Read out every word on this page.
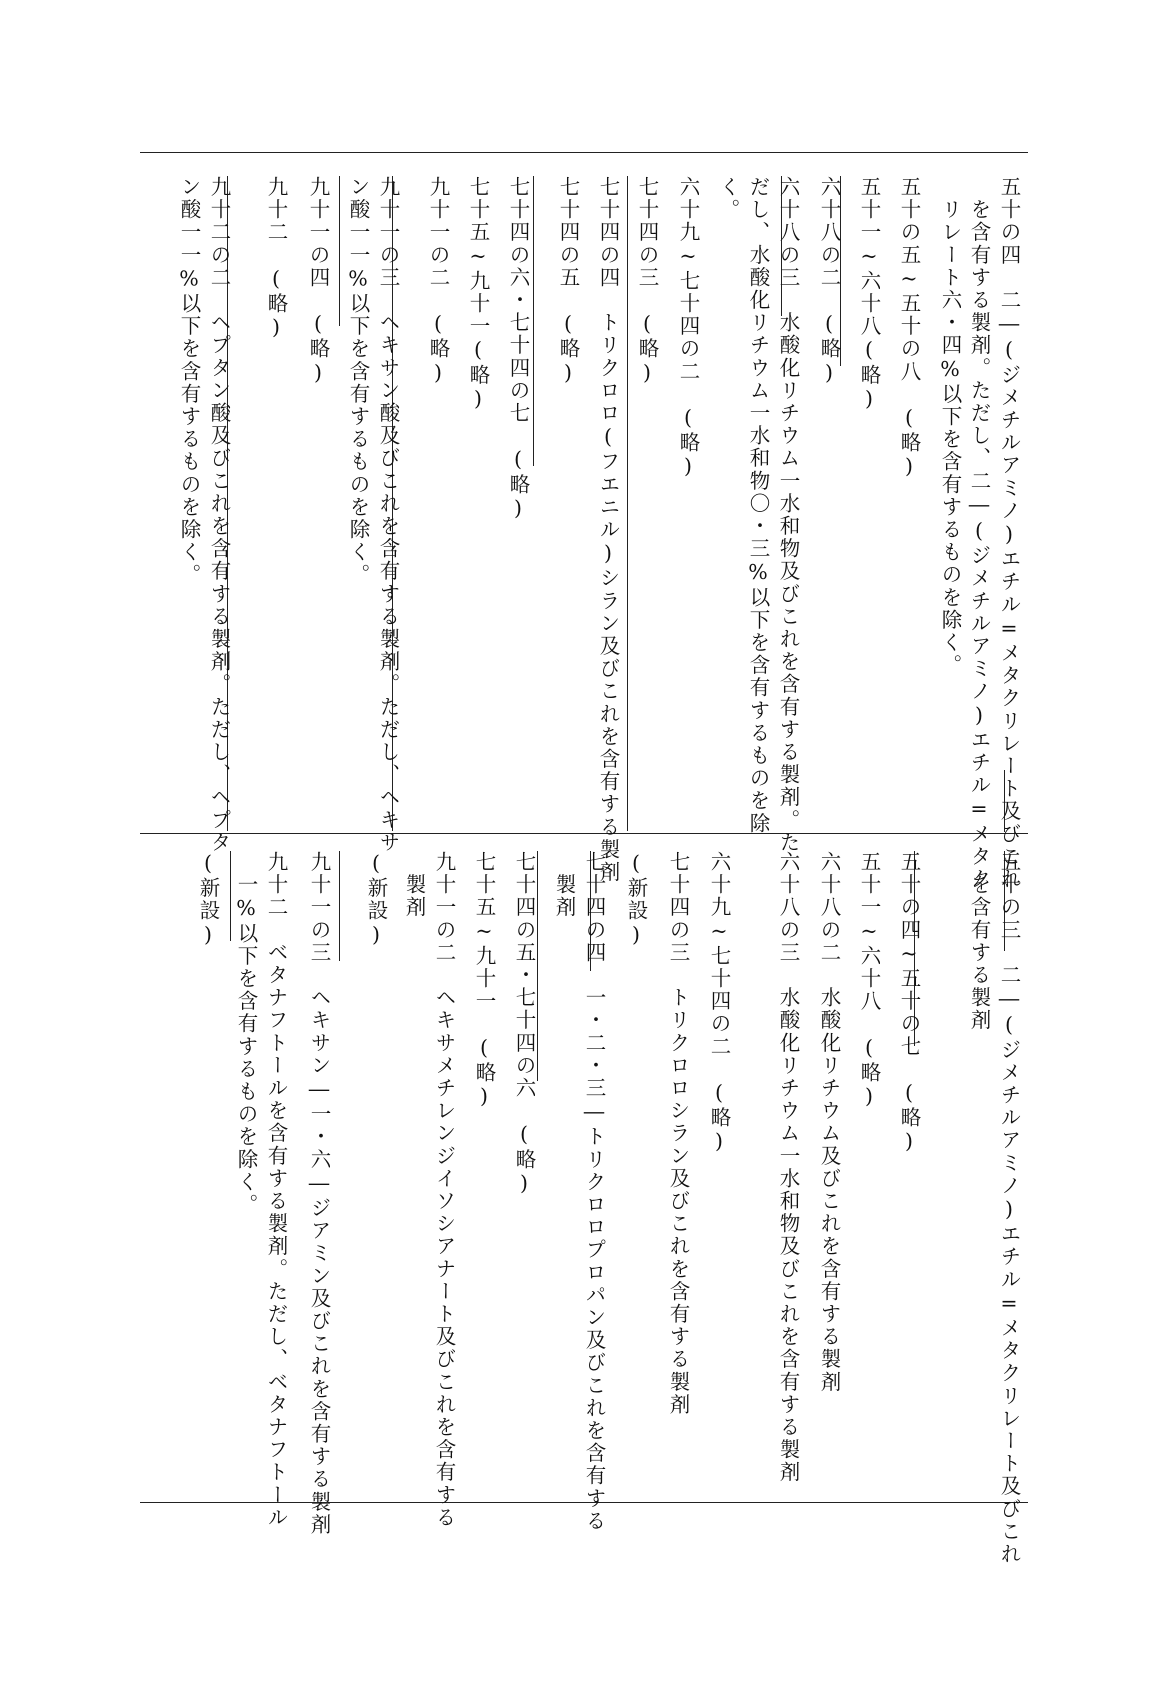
五十の四　二―(ジメチルアミノ)エチル=メタクリレート及びこれ
　を含有する製剤。ただし、二―(ジメチルアミノ)エチル=メタク
　リレート六・四%以下を含有するものを除く。
五十の五~五十の八　(略)
五十一~六十八(略)
六十八の二　(略)
六十八の三　水酸化リチウム一水和物及びこれを含有する製剤。た
だし、水酸化リチウム一水和物〇・三%以下を含有するものを除
く。
六十九~七十四の二　(略)
七十四の三　(略)
七十四の四　トリクロロ(フエニル)シラン及びこれを含有する製剤
七十四の五　(略)
七十四の六・七十四の七　(略)
七十五~九十一(略)
九十一の二　(略)
九十一の三　ヘキサン酸及びこれを含有する製剤。ただし、ヘキサ
ン酸一一%以下を含有するものを除く。
九十一の四　(略)
九十二　(略)
九十二の二　ヘプタン酸及びこれを含有する製剤。ただし、ヘプタ
ン酸一一%以下を含有するものを除く。
五十の三　二―(ジメチルアミノ)エチル=メタクリレート及びこれ
　を含有する製剤
五十の四~五十の七　(略)
五十一~六十八　(略)
六十八の二　水酸化リチウム及びこれを含有する製剤
六十八の三　水酸化リチウム一水和物及びこれを含有する製剤
六十九~七十四の二　(略)
七十四の三　トリクロロシラン及びこれを含有する製剤
(新設)
七十四の四　一・二・三―トリクロロプロパン及びこれを含有する
　製剤
七十四の五・七十四の六　(略)
七十五~九十一　(略)
九十一の二　ヘキサメチレンジイソシアナート及びこれを含有する
　製剤
(新設)
九十一の三　ヘキサン―一・六―ジアミン及びこれを含有する製剤
九十二　ベタナフトールを含有する製剤。ただし、ベタナフトール
　一%以下を含有するものを除く。
(新設)
